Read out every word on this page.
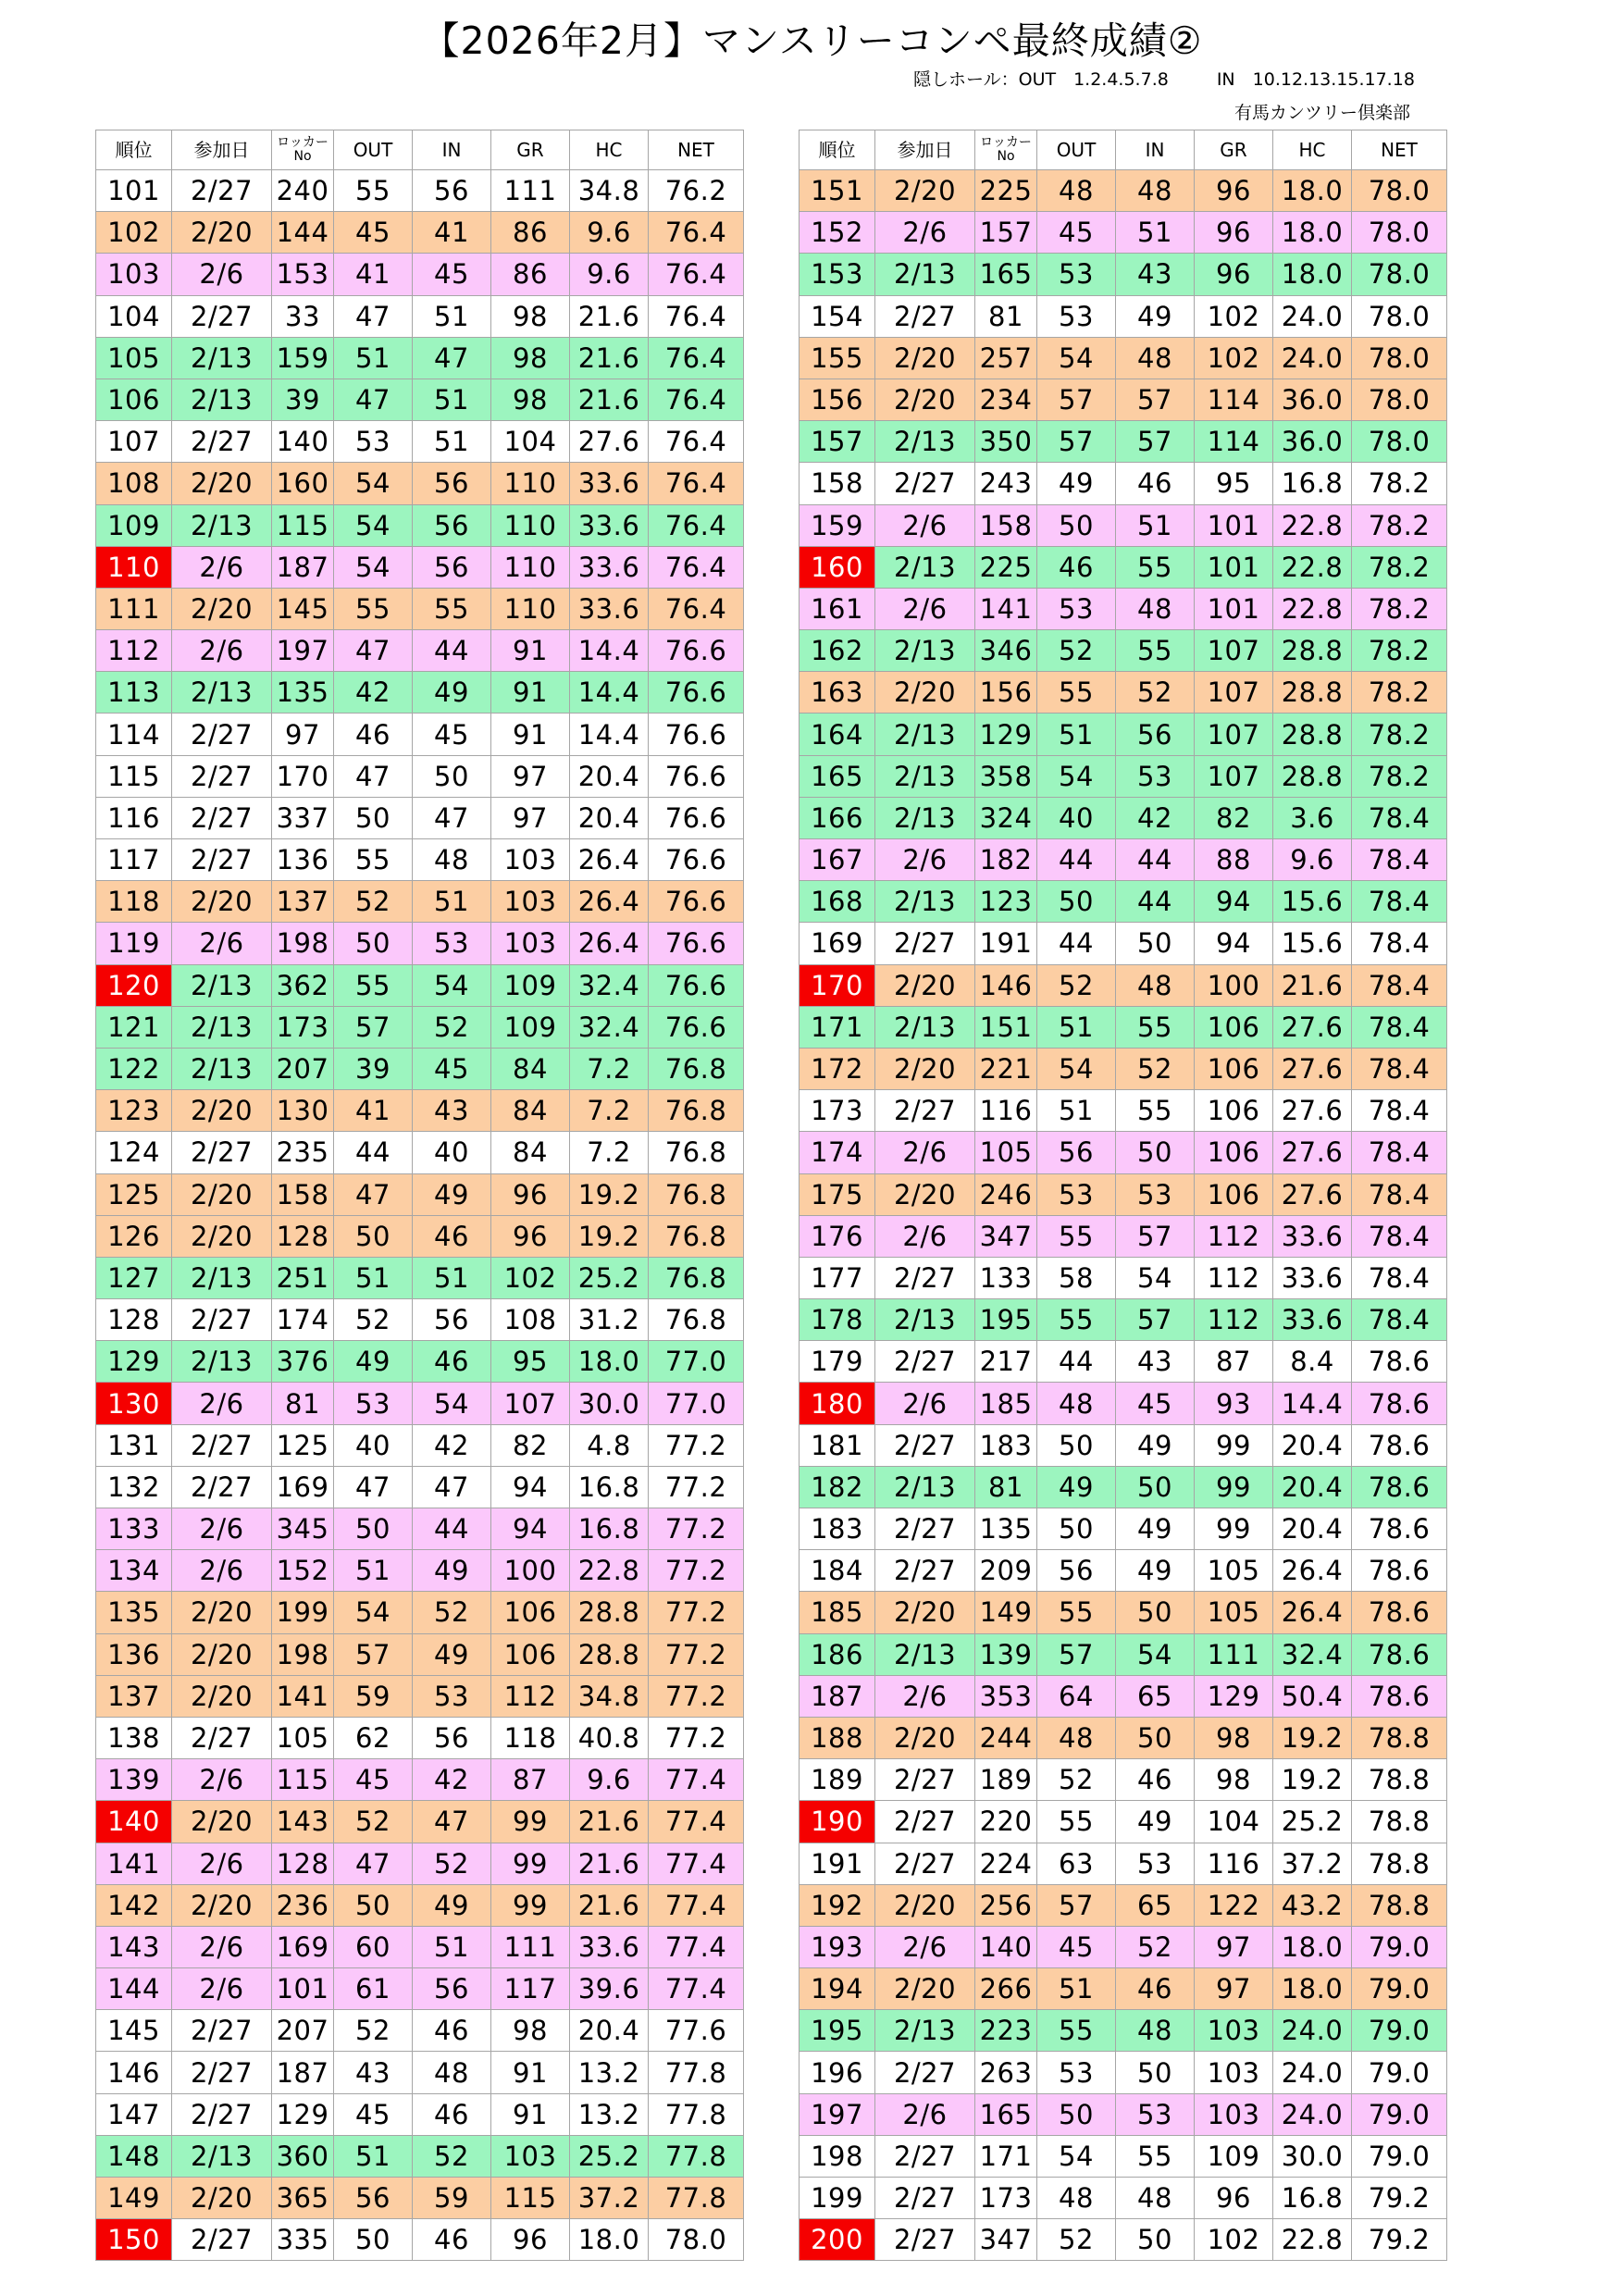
【2026年2月】マンスリーコンペ最終成績②
隠しホール：OUT　1.2.4.5.7.8	IN　10.12.13.15.17.18
有馬カンツリー倶楽部
順位	参加日	ロッカー
No	OUT	IN	GR	HC	NET
101	2/27	240	55	56	111	34.8	76.2
102	2/20	144	45	41	86	9.6	76.4
103	2/6	153	41	45	86	9.6	76.4
104	2/27	33	47	51	98	21.6	76.4
105	2/13	159	51	47	98	21.6	76.4
106	2/13	39	47	51	98	21.6	76.4
107	2/27	140	53	51	104	27.6	76.4
108	2/20	160	54	56	110	33.6	76.4
109	2/13	115	54	56	110	33.6	76.4
110	2/6	187	54	56	110	33.6	76.4
111	2/20	145	55	55	110	33.6	76.4
112	2/6	197	47	44	91	14.4	76.6
113	2/13	135	42	49	91	14.4	76.6
114	2/27	97	46	45	91	14.4	76.6
115	2/27	170	47	50	97	20.4	76.6
116	2/27	337	50	47	97	20.4	76.6
117	2/27	136	55	48	103	26.4	76.6
118	2/20	137	52	51	103	26.4	76.6
119	2/6	198	50	53	103	26.4	76.6
120	2/13	362	55	54	109	32.4	76.6
121	2/13	173	57	52	109	32.4	76.6
122	2/13	207	39	45	84	7.2	76.8
123	2/20	130	41	43	84	7.2	76.8
124	2/27	235	44	40	84	7.2	76.8
125	2/20	158	47	49	96	19.2	76.8
126	2/20	128	50	46	96	19.2	76.8
127	2/13	251	51	51	102	25.2	76.8
128	2/27	174	52	56	108	31.2	76.8
129	2/13	376	49	46	95	18.0	77.0
130	2/6	81	53	54	107	30.0	77.0
131	2/27	125	40	42	82	4.8	77.2
132	2/27	169	47	47	94	16.8	77.2
133	2/6	345	50	44	94	16.8	77.2
134	2/6	152	51	49	100	22.8	77.2
135	2/20	199	54	52	106	28.8	77.2
136	2/20	198	57	49	106	28.8	77.2
137	2/20	141	59	53	112	34.8	77.2
138	2/27	105	62	56	118	40.8	77.2
139	2/6	115	45	42	87	9.6	77.4
140	2/20	143	52	47	99	21.6	77.4
141	2/6	128	47	52	99	21.6	77.4
142	2/20	236	50	49	99	21.6	77.4
143	2/6	169	60	51	111	33.6	77.4
144	2/6	101	61	56	117	39.6	77.4
145	2/27	207	52	46	98	20.4	77.6
146	2/27	187	43	48	91	13.2	77.8
147	2/27	129	45	46	91	13.2	77.8
148	2/13	360	51	52	103	25.2	77.8
149	2/20	365	56	59	115	37.2	77.8
150	2/27	335	50	46	96	18.0	78.0
順位	参加日	ロッカー
No	OUT	IN	GR	HC	NET
151	2/20	225	48	48	96	18.0	78.0
152	2/6	157	45	51	96	18.0	78.0
153	2/13	165	53	43	96	18.0	78.0
154	2/27	81	53	49	102	24.0	78.0
155	2/20	257	54	48	102	24.0	78.0
156	2/20	234	57	57	114	36.0	78.0
157	2/13	350	57	57	114	36.0	78.0
158	2/27	243	49	46	95	16.8	78.2
159	2/6	158	50	51	101	22.8	78.2
160	2/13	225	46	55	101	22.8	78.2
161	2/6	141	53	48	101	22.8	78.2
162	2/13	346	52	55	107	28.8	78.2
163	2/20	156	55	52	107	28.8	78.2
164	2/13	129	51	56	107	28.8	78.2
165	2/13	358	54	53	107	28.8	78.2
166	2/13	324	40	42	82	3.6	78.4
167	2/6	182	44	44	88	9.6	78.4
168	2/13	123	50	44	94	15.6	78.4
169	2/27	191	44	50	94	15.6	78.4
170	2/20	146	52	48	100	21.6	78.4
171	2/13	151	51	55	106	27.6	78.4
172	2/20	221	54	52	106	27.6	78.4
173	2/27	116	51	55	106	27.6	78.4
174	2/6	105	56	50	106	27.6	78.4
175	2/20	246	53	53	106	27.6	78.4
176	2/6	347	55	57	112	33.6	78.4
177	2/27	133	58	54	112	33.6	78.4
178	2/13	195	55	57	112	33.6	78.4
179	2/27	217	44	43	87	8.4	78.6
180	2/6	185	48	45	93	14.4	78.6
181	2/27	183	50	49	99	20.4	78.6
182	2/13	81	49	50	99	20.4	78.6
183	2/27	135	50	49	99	20.4	78.6
184	2/27	209	56	49	105	26.4	78.6
185	2/20	149	55	50	105	26.4	78.6
186	2/13	139	57	54	111	32.4	78.6
187	2/6	353	64	65	129	50.4	78.6
188	2/20	244	48	50	98	19.2	78.8
189	2/27	189	52	46	98	19.2	78.8
190	2/27	220	55	49	104	25.2	78.8
191	2/27	224	63	53	116	37.2	78.8
192	2/20	256	57	65	122	43.2	78.8
193	2/6	140	45	52	97	18.0	79.0
194	2/20	266	51	46	97	18.0	79.0
195	2/13	223	55	48	103	24.0	79.0
196	2/27	263	53	50	103	24.0	79.0
197	2/6	165	50	53	103	24.0	79.0
198	2/27	171	54	55	109	30.0	79.0
199	2/27	173	48	48	96	16.8	79.2
200	2/27	347	52	50	102	22.8	79.2
